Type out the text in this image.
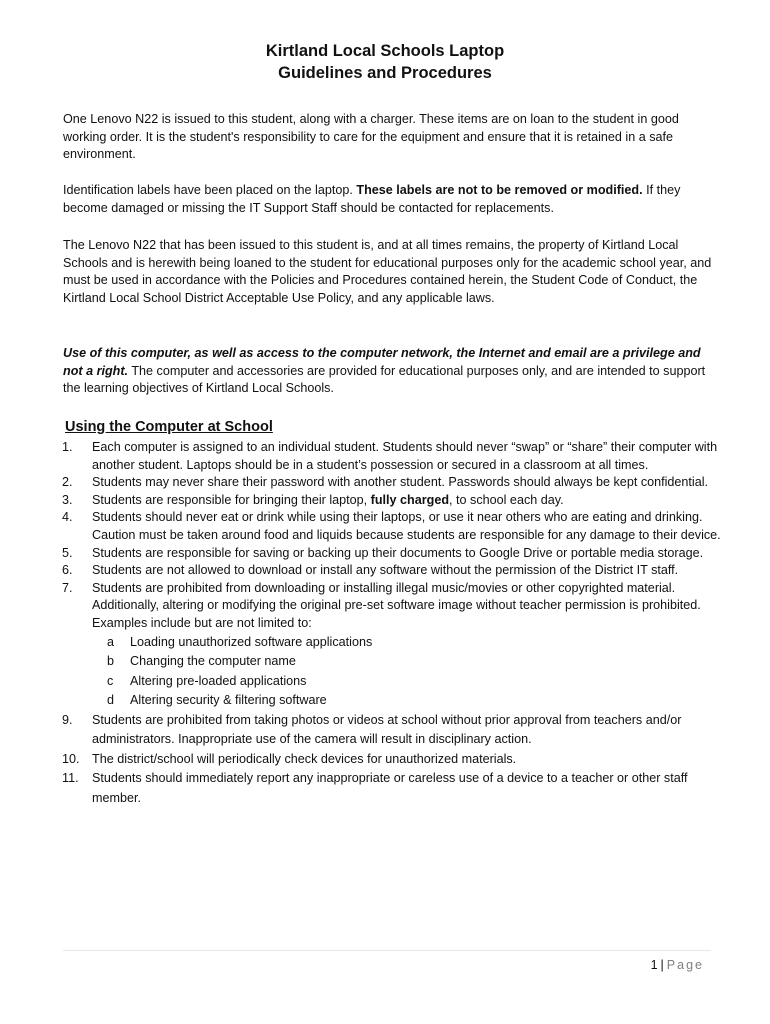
Kirtland Local Schools Laptop
Guidelines and Procedures

One Lenovo N22 is issued to this student, along with a charger. These items are on loan to the student in good working order. It is the student's responsibility to care for the equipment and ensure that it is retained in a safe environment.

Identification labels have been placed on the laptop. These labels are not to be removed or modified. If they become damaged or missing the IT Support Staff should be contacted for replacements.

The Lenovo N22 that has been issued to this student is, and at all times remains, the property of Kirtland Local Schools and is herewith being loaned to the student for educational purposes only for the academic school year, and must be used in accordance with the Policies and Procedures contained herein, the Student Code of Conduct, the Kirtland Local School District Acceptable Use Policy, and any applicable laws.

Use of this computer, as well as access to the computer network, the Internet and email are a privilege and not a right. The computer and accessories are provided for educational purposes only, and are intended to support the learning objectives of Kirtland Local Schools.

Using the Computer at School
1. Each computer is assigned to an individual student. Students should never “swap” or “share” their computer with another student. Laptops should be in a student’s possession or secured in a classroom at all times.
2. Students may never share their password with another student. Passwords should always be kept confidential.
3. Students are responsible for bringing their laptop, fully charged, to school each day.
4. Students should never eat or drink while using their laptops, or use it near others who are eating and drinking. Caution must be taken around food and liquids because students are responsible for any damage to their device.
5. Students are responsible for saving or backing up their documents to Google Drive or portable media storage.
6. Students are not allowed to download or install any software without the permission of the District IT staff.
7. Students are prohibited from downloading or installing illegal music/movies or other copyrighted material. Additionally, altering or modifying the original pre-set software image without teacher permission is prohibited. Examples include but are not limited to:
a Loading unauthorized software applications
b Changing the computer name
c Altering pre-loaded applications
d Altering security & filtering software
9. Students are prohibited from taking photos or videos at school without prior approval from teachers and/or administrators. Inappropriate use of the camera will result in disciplinary action.
10. The district/school will periodically check devices for unauthorized materials.
11. Students should immediately report any inappropriate or careless use of a device to a teacher or other staff member.
1 | Page
